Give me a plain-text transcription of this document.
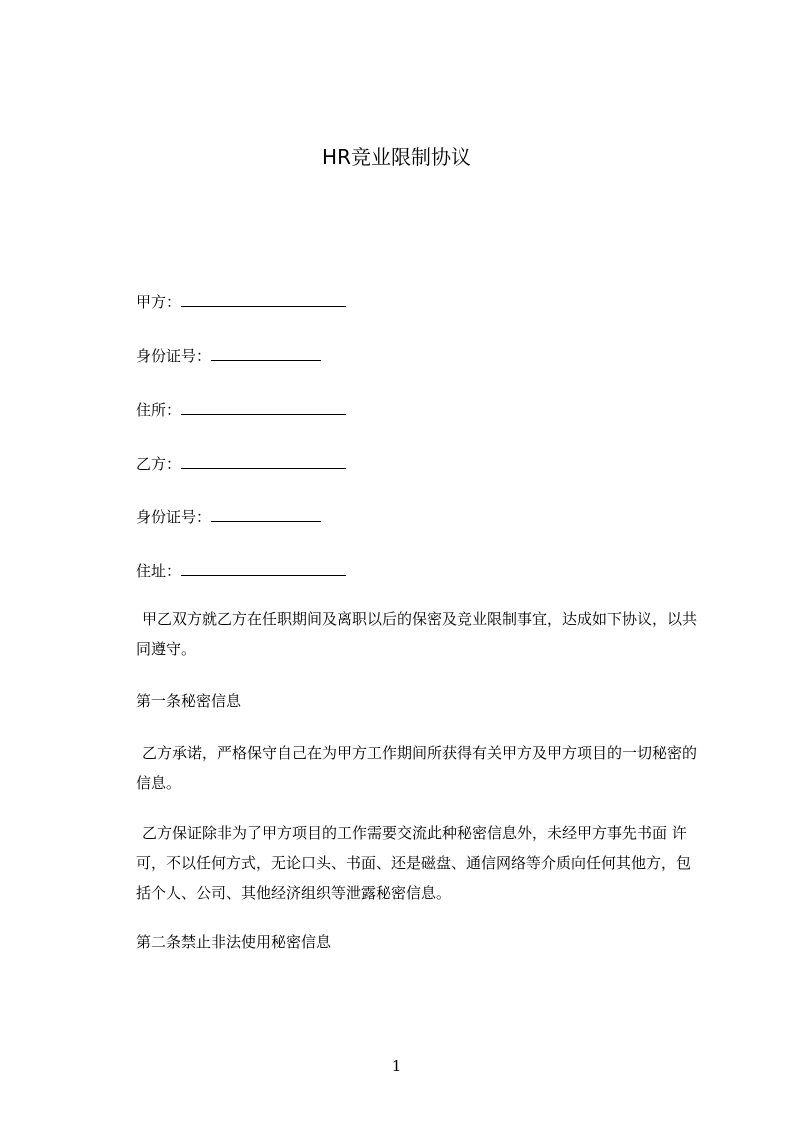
HR竞业限制协议
甲方：
身份证号：
住所：
乙方：
身份证号：
住址：

甲乙双方就乙方在任职期间及离职以后的保密及竞业限制事宜，达成如下协议，以共同遵守。

第一条秘密信息

乙方承诺，严格保守自己在为甲方工作期间所获得有关甲方及甲方项目的一切秘密的信息。

乙方保证除非为了甲方项目的工作需要交流此种秘密信息外，未经甲方事先书面 许可，不以任何方式，无论口头、书面、还是磁盘、通信网络等介质向任何其他方，包括个人、公司、其他经济组织等泄露秘密信息。

第二条禁止非法使用秘密信息
1
